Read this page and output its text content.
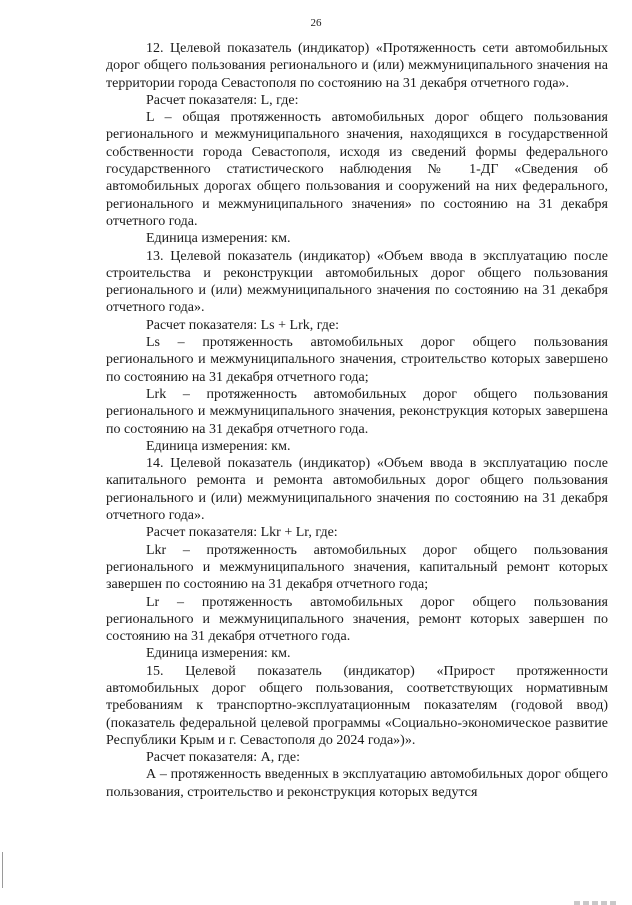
26

12. Целевой показатель (индикатор) «Протяженность сети автомобильных дорог общего пользования регионального и (или) межмуниципального значения на территории города Севастополя по состоянию на 31 декабря отчетного года».

Расчет показателя: L, где:

L – общая протяженность автомобильных дорог общего пользования регионального и межмуниципального значения, находящихся в государственной собственности города Севастополя, исходя из сведений формы федерального государственного статистического наблюдения № 1-ДГ «Сведения об автомобильных дорогах общего пользования и сооружений на них федерального, регионального и межмуниципального значения» по состоянию на 31 декабря отчетного года.

Единица измерения: км.

13. Целевой показатель (индикатор) «Объем ввода в эксплуатацию после строительства и реконструкции автомобильных дорог общего пользования регионального и (или) межмуниципального значения по состоянию на 31 декабря отчетного года».

Расчет показателя: Ls + Lrk, где:

Ls – протяженность автомобильных дорог общего пользования регионального и межмуниципального значения, строительство которых завершено по состоянию на 31 декабря отчетного года;

Lrk – протяженность автомобильных дорог общего пользования регионального и межмуниципального значения, реконструкция которых завершена по состоянию на 31 декабря отчетного года.

Единица измерения: км.

14. Целевой показатель (индикатор) «Объем ввода в эксплуатацию после капитального ремонта и ремонта автомобильных дорог общего пользования регионального и (или) межмуниципального значения по состоянию на 31 декабря отчетного года».

Расчет показателя: Lkr + Lr, где:

Lkr – протяженность автомобильных дорог общего пользования регионального и межмуниципального значения, капитальный ремонт которых завершен по состоянию на 31 декабря отчетного года;

Lr – протяженность автомобильных дорог общего пользования регионального и межмуниципального значения, ремонт которых завершен по состоянию на 31 декабря отчетного года.

Единица измерения: км.

15. Целевой показатель (индикатор) «Прирост протяженности автомобильных дорог общего пользования, соответствующих нормативным требованиям к транспортно-эксплуатационным показателям (годовой ввод) (показатель федеральной целевой программы «Социально-экономическое развитие Республики Крым и г. Севастополя до 2024 года»)».

Расчет показателя: А, где:

А – протяженность введенных в эксплуатацию автомобильных дорог общего пользования, строительство и реконструкция которых ведутся
